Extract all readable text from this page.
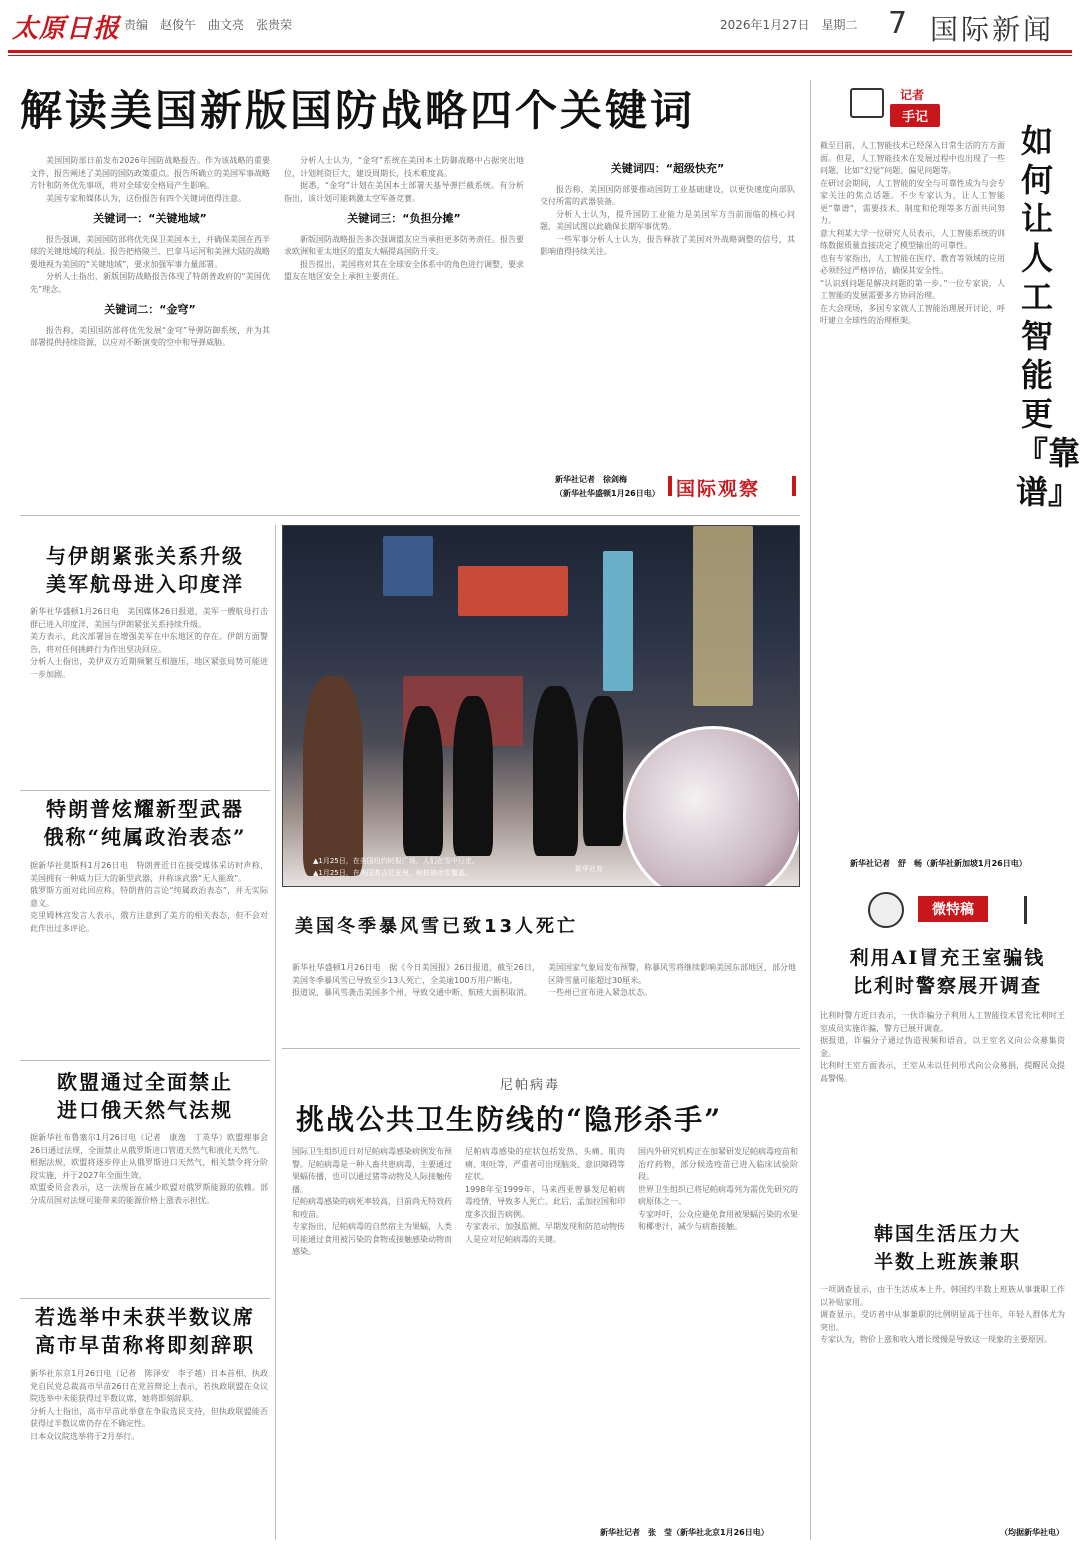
太原日报 责编　赵俊午　曲文亮　张贵荣	2026年1月27日　星期二 7 国际新闻
解读美国新版国防战略四个关键词

美国国防部日前发布2026年国防战略报告。作为该战略的重要文件，报告阐述了美国的国防政策重点。报告所确立的美国军事战略方针和防务优先事项，将对全球安全格局产生影响。

美国专家和媒体认为，这份报告有四个关键词值得注意。

关键词一：“关键地域”

报告强调，美国国防部将优先保卫美国本土，并确保美国在西半球的关键地域的利益。报告把格陵兰、巴拿马运河和美洲大陆的战略要地视为美国的“关键地域”，要求加强军事力量部署。

分析人士指出，新版国防战略报告体现了特朗普政府的“美国优先”理念。

关键词二：“金穹”

报告称，美国国防部将优先发展“金穹”导弹防御系统，并为其部署提供持续资源，以应对不断演变的空中和导弹威胁。

分析人士认为，“金穹”系统在美国本土防御战略中占据突出地位，计划耗资巨大，建设周期长，技术难度高。

据悉，“金穹”计划在美国本土部署天基导弹拦截系统。有分析指出，该计划可能刺激太空军备竞赛。

关键词三：“负担分摊”

新版国防战略报告多次强调盟友应当承担更多防务责任。报告要求欧洲和亚太地区的盟友大幅提高国防开支。

报告提出，美国将对其在全球安全体系中的角色进行调整，要求盟友在地区安全上承担主要责任。

关键词四：“超级快充”

报告称，美国国防部要推动国防工业基础建设，以更快速度向部队交付所需的武器装备。

分析人士认为，提升国防工业能力是美国军方当前面临的核心问题，美国试图以此确保长期军事优势。

一些军事分析人士认为，报告释放了美国对外战略调整的信号，其影响值得持续关注。

新华社记者　徐剑梅
（新华社华盛顿1月26日电） 国际观察
与伊朗紧张关系升级
美军航母进入印度洋
新华社华盛顿1月26日电　美国媒体26日报道，美军一艘航母打击群已进入印度洋，美国与伊朗紧张关系持续升级。
美方表示，此次部署旨在增强美军在中东地区的存在。伊朗方面警告，将对任何挑衅行为作出坚决回应。
分析人士指出，美伊双方近期频繁互相施压，地区紧张局势可能进一步加剧。
特朗普炫耀新型武器
俄称“纯属政治表态”
据新华社莫斯科1月26日电　特朗普近日在接受媒体采访时声称，美国拥有一种威力巨大的新型武器，并称该武器“无人能敌”。
俄罗斯方面对此回应称，特朗普的言论“纯属政治表态”，并无实际意义。
克里姆林宫发言人表示，俄方注意到了美方的相关表态，但不会对此作出过多评论。
欧盟通过全面禁止
进口俄天然气法规
据新华社布鲁塞尔1月26日电（记者　康逸　丁英华）欧盟理事会26日通过法规，全面禁止从俄罗斯进口管道天然气和液化天然气。
根据法规，欧盟将逐步停止从俄罗斯进口天然气，相关禁令将分阶段实施，并于2027年全面生效。
欧盟委员会表示，这一法规旨在减少欧盟对俄罗斯能源的依赖。部分成员国对法规可能带来的能源价格上涨表示担忧。
若选举中未获半数议席
高市早苗称将即刻辞职
新华社东京1月26日电（记者　陈泽安　李子越）日本首相、执政党自民党总裁高市早苗26日在党首辩论上表示，若执政联盟在众议院选举中未能获得过半数议席，她将即刻辞职。
分析人士指出，高市早苗此举意在争取选民支持，但执政联盟能否获得过半数议席仍存在不确定性。
日本众议院选举将于2月举行。
▲1月25日，在美国纽约时报广场，人们在雪中行走。
▲1月25日，在美国弗吉尼亚州，树枝被冰雪覆盖。	新华社发
美国冬季暴风雪已致13人死亡
新华社华盛顿1月26日电　据《今日美国报》26日报道，截至26日，美国冬季暴风雪已导致至少13人死亡，全美逾100万用户断电。
报道说，暴风雪袭击美国多个州，导致交通中断、航班大面积取消。
美国国家气象局发布预警，称暴风雪将继续影响美国东部地区，部分地区降雪量可能超过30厘米。
一些州已宣布进入紧急状态。
尼帕病毒
挑战公共卫生防线的“隐形杀手”
国际卫生组织近日对尼帕病毒感染病例发布预警。尼帕病毒是一种人畜共患病毒，主要通过果蝠传播，也可以通过猪等动物及人际接触传播。
尼帕病毒感染的病死率较高，目前尚无特效药和疫苗。
专家指出，尼帕病毒的自然宿主为果蝠，人类可能通过食用被污染的食物或接触感染动物而感染。
尼帕病毒感染的症状包括发热、头痛、肌肉痛、呕吐等，严重者可出现脑炎、意识障碍等症状。
1998年至1999年，马来西亚曾暴发尼帕病毒疫情，导致多人死亡。此后，孟加拉国和印度多次报告病例。
专家表示，加强监测、早期发现和防范动物传人是应对尼帕病毒的关键。
国内外研究机构正在加紧研发尼帕病毒疫苗和治疗药物，部分候选疫苗已进入临床试验阶段。
世界卫生组织已将尼帕病毒列为需优先研究的病原体之一。
专家呼吁，公众应避免食用被果蝠污染的水果和椰枣汁，减少与病畜接触。
新华社记者　张　莹（新华社北京1月26日电）
记者
手记
如何让人工智能更『靠谱』
截至目前，人工智能技术已经深入日常生活的方方面面。但是，人工智能技术在发展过程中也出现了一些问题，比如“幻觉”问题、偏见问题等。
在研讨会期间，人工智能的安全与可靠性成为与会专家关注的焦点话题。不少专家认为，让人工智能更“靠谱”，需要技术、制度和伦理等多方面共同努力。
意大利某大学一位研究人员表示，人工智能系统的训练数据质量直接决定了模型输出的可靠性。
也有专家指出，人工智能在医疗、教育等领域的应用必须经过严格评估，确保其安全性。
“认识到问题是解决问题的第一步。”一位专家说，人工智能的发展需要多方协同治理。
在大会现场，多国专家就人工智能治理展开讨论，呼吁建立全球性的治理框架。
新华社记者　舒　畅（新华社新加坡1月26日电）
微特稿
利用AI冒充王室骗钱
比利时警察展开调查
比利时警方近日表示，一伙诈骗分子利用人工智能技术冒充比利时王室成员实施诈骗，警方已展开调查。
据报道，诈骗分子通过伪造视频和语音，以王室名义向公众募集资金。
比利时王室方面表示，王室从未以任何形式向公众募捐，提醒民众提高警惕。
韩国生活压力大
半数上班族兼职
一项调查显示，由于生活成本上升，韩国约半数上班族从事兼职工作以补贴家用。
调查显示，受访者中从事兼职的比例明显高于往年，年轻人群体尤为突出。
专家认为，物价上涨和收入增长缓慢是导致这一现象的主要原因。
（均据新华社电）
